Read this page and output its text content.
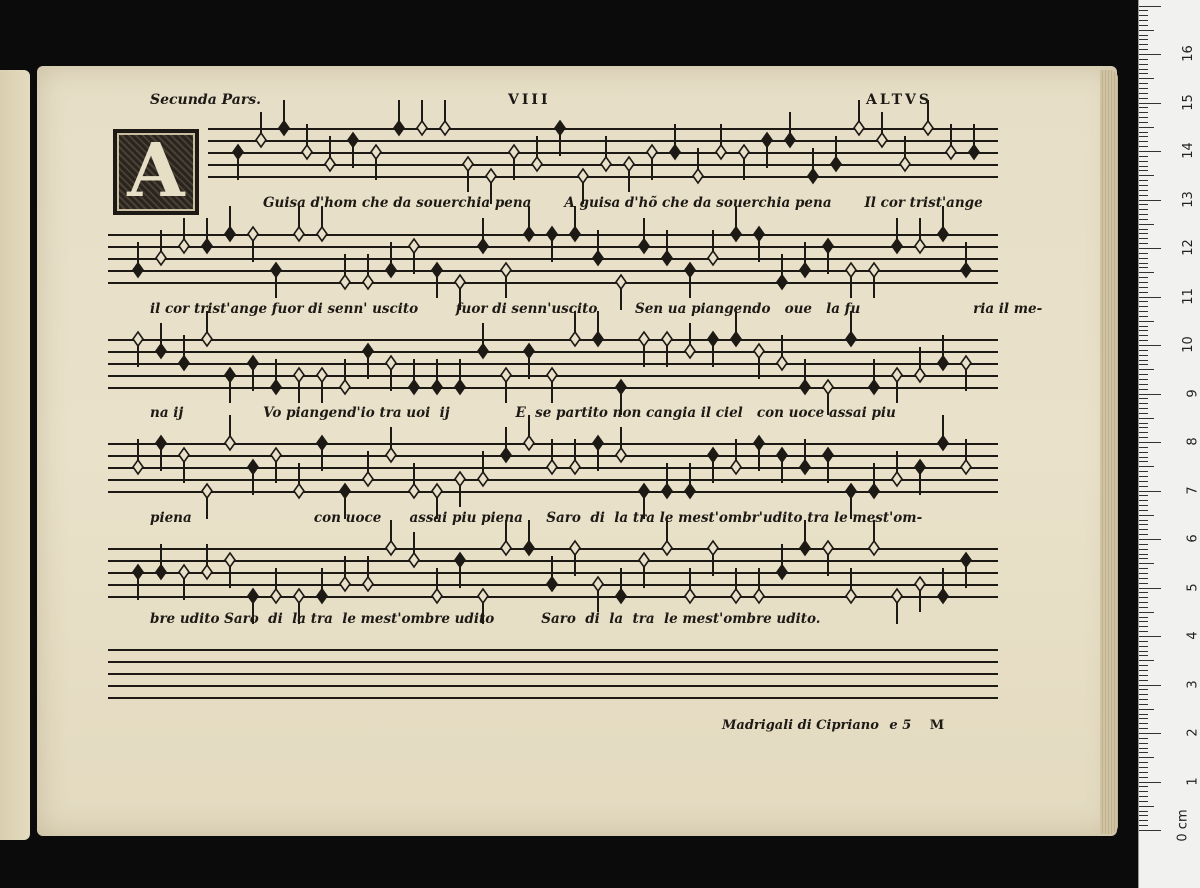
Secunda Pars.	VIII	ALTVS
A	Guisa d'hom che da souerchia pena       A guisa d'hõ che da souerchia pena       Il cor trist'ange
il cor trist'ange fuor di senn' uscito        fuor di senn'uscito        Sen ua piangendo   oue   la fu                        ria il me-
na ij                 Vo piangend'io tra uoi  ij              E  se partito non cangia il ciel   con uoce assai piu
piena                          con uoce      assai piu piena     Saro  di  la tra le mest'ombr'udito tra le mest'om-
bre udito Saro  di  la tra  le mest'ombre udito          Saro  di  la  tra  le mest'ombre udito.
Madrigali di Cipriano e 5 M
0 cm
1
2
3
4
5
6
7
8
9
10
11
12
13
14
15
16
